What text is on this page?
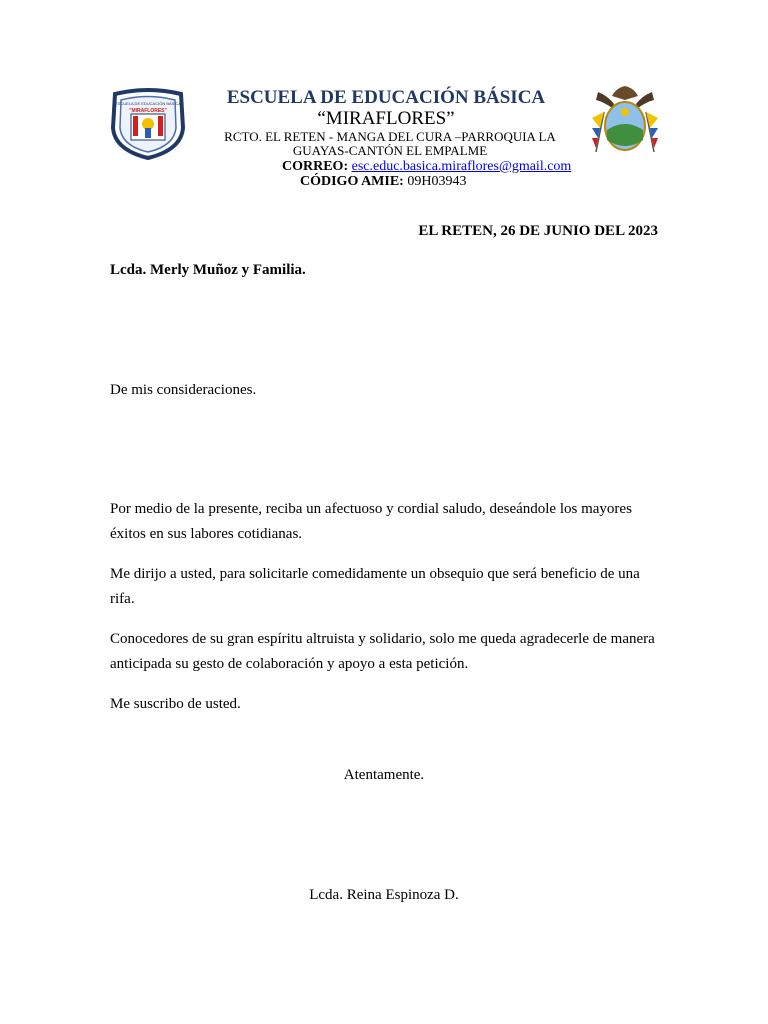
ESCUELA DE EDUCACIÓN BÁSICA
"MIRAFLORES"
ESCUELA DE EDUCACIÓN BÁSICA
“MIRAFLORES”
RCTO. EL RETEN - MANGA DEL CURA –PARROQUIA LA
GUAYAS-CANTÓN EL EMPALME
CORREO: esc.educ.basica.miraflores@gmail.com
CÓDIGO AMIE: 09H03943
EL RETEN, 26 DE JUNIO DEL 2023
Lcda. Merly Muñoz y Familia.
De mis consideraciones.
Por medio de la presente, reciba un afectuoso y cordial saludo, deseándole los mayores éxitos en sus labores cotidianas.
Me dirijo a usted, para solicitarle comedidamente un obsequio que será beneficio de una rifa.
Conocedores de su gran espíritu altruista y solidario, solo me queda agradecerle de manera anticipada su gesto de colaboración y apoyo a esta petición.
Me suscribo de usted.
Atentamente.
Lcda. Reina Espinoza D.
